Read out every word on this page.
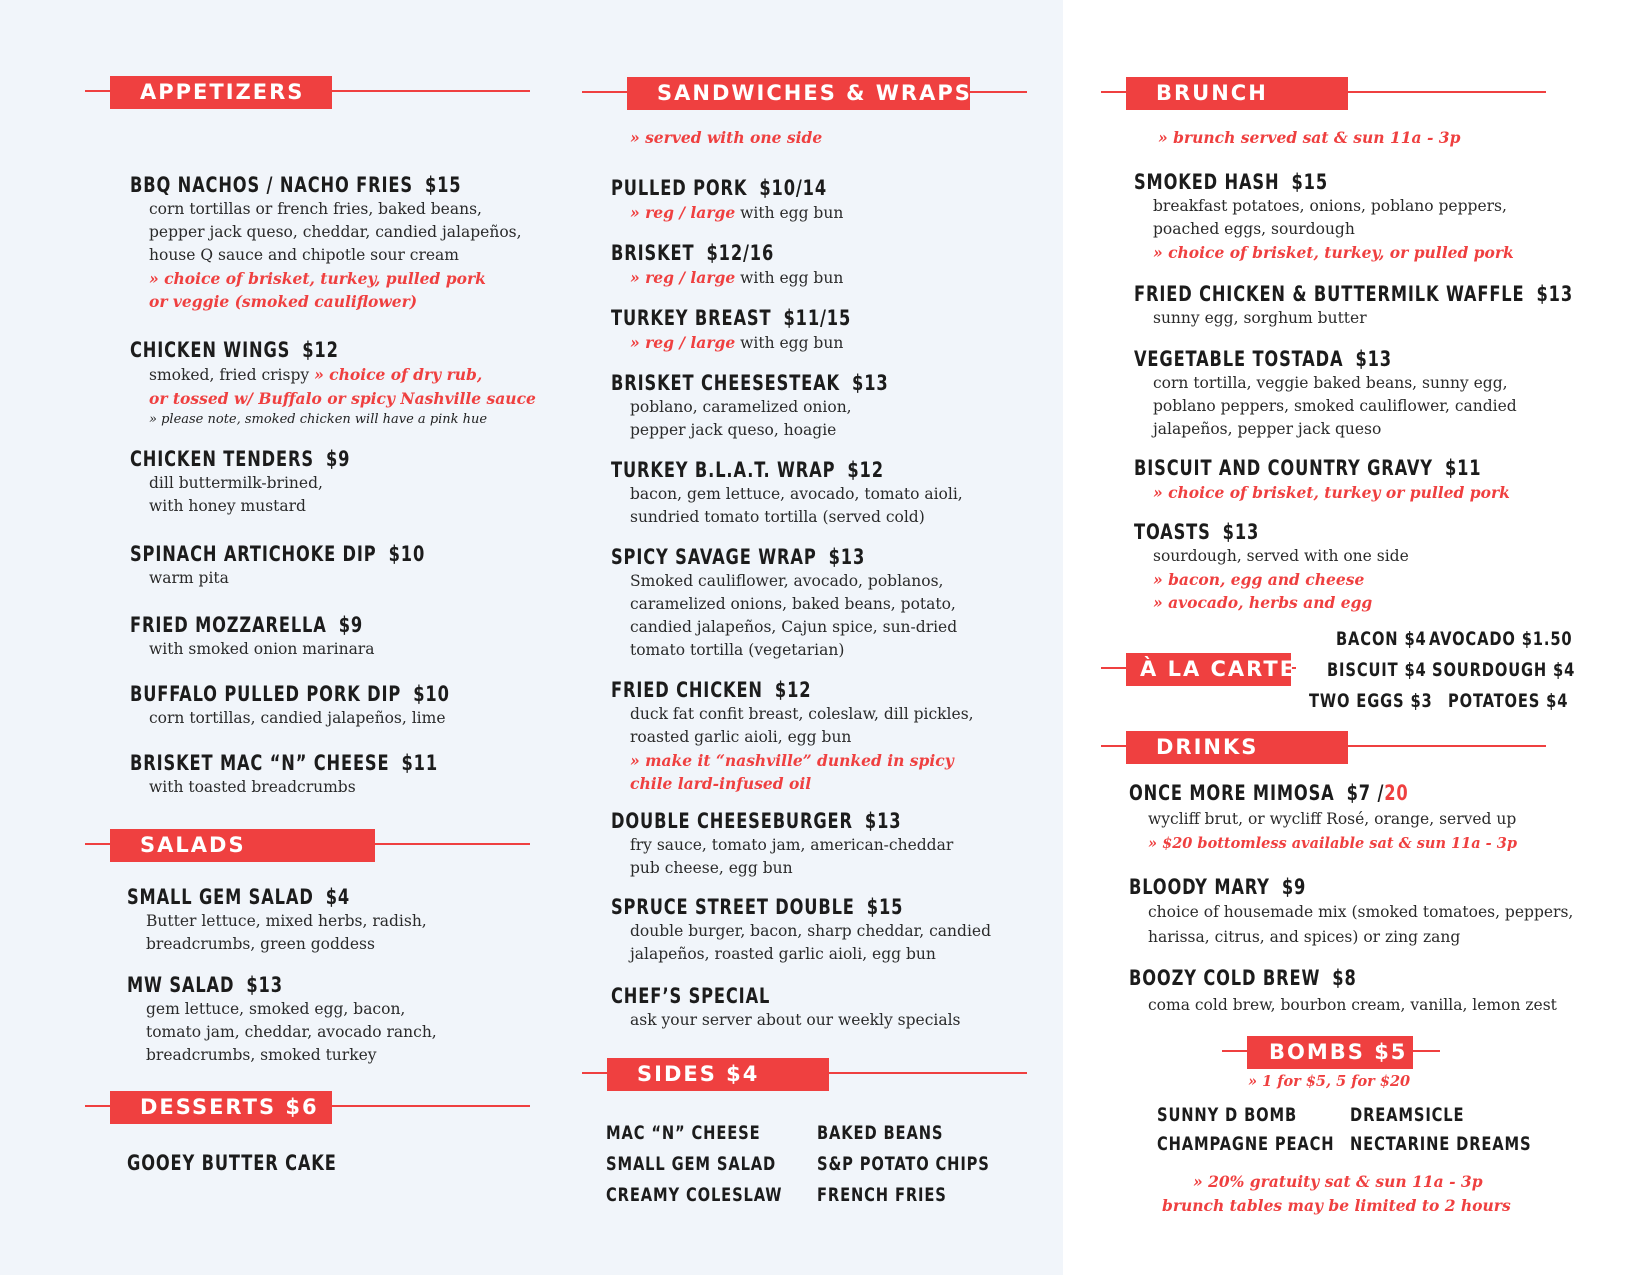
APPETIZERS
BBQ NACHOS / NACHO FRIES $15
corn tortillas or french fries, baked beans,
pepper jack queso, cheddar, candied jalapeños,
house Q sauce and chipotle sour cream
» choice of brisket, turkey, pulled pork
or veggie (smoked cauliflower)
CHICKEN WINGS $12
smoked, fried crispy » choice of dry rub,
or tossed w/ Buffalo or spicy Nashville sauce
» please note, smoked chicken will have a pink hue
CHICKEN TENDERS $9
dill buttermilk-brined,
with honey mustard
SPINACH ARTICHOKE DIP $10
warm pita
FRIED MOZZARELLA $9
with smoked onion marinara
BUFFALO PULLED PORK DIP $10
corn tortillas, candied jalapeños, lime
BRISKET MAC “N” CHEESE $11
with toasted breadcrumbs
SALADS
SMALL GEM SALAD $4
Butter lettuce, mixed herbs, radish,
breadcrumbs, green goddess
MW SALAD $13
gem lettuce, smoked egg, bacon,
tomato jam, cheddar, avocado ranch,
breadcrumbs, smoked turkey
DESSERTS $6
GOOEY BUTTER CAKE
SANDWICHES & WRAPS
» served with one side
PULLED PORK $10/14
» reg / large with egg bun
BRISKET $12/16
» reg / large with egg bun
TURKEY BREAST $11/15
» reg / large with egg bun
BRISKET CHEESESTEAK $13
poblano, caramelized onion,
pepper jack queso, hoagie
TURKEY B.L.A.T. WRAP $12
bacon, gem lettuce, avocado, tomato aioli,
sundried tomato tortilla (served cold)
SPICY SAVAGE WRAP $13
Smoked cauliflower, avocado, poblanos,
caramelized onions, baked beans, potato,
candied jalapeños, Cajun spice, sun-dried
tomato tortilla (vegetarian)
FRIED CHICKEN $12
duck fat confit breast, coleslaw, dill pickles,
roasted garlic aioli, egg bun
» make it “nashville” dunked in spicy
chile lard-infused oil
DOUBLE CHEESEBURGER $13
fry sauce, tomato jam, american-cheddar
pub cheese, egg bun
SPRUCE STREET DOUBLE $15
double burger, bacon, sharp cheddar, candied
jalapeños, roasted garlic aioli, egg bun
CHEF’S SPECIAL
ask your server about our weekly specials
SIDES $4
MAC “N” CHEESE
SMALL GEM SALAD
CREAMY COLESLAW
BAKED BEANS
S&P POTATO CHIPS
FRENCH FRIES
BRUNCH
» brunch served sat & sun 11a - 3p
SMOKED HASH $15
breakfast potatoes, onions, poblano peppers,
poached eggs, sourdough
» choice of brisket, turkey, or pulled pork
FRIED CHICKEN & BUTTERMILK WAFFLE $13
sunny egg, sorghum butter
VEGETABLE TOSTADA $13
corn tortilla, veggie baked beans, sunny egg,
poblano peppers, smoked cauliflower, candied
jalapeños, pepper jack queso
BISCUIT AND COUNTRY GRAVY $11
» choice of brisket, turkey or pulled pork
TOASTS $13
sourdough, served with one side
» bacon, egg and cheese
» avocado, herbs and egg
À LA CARTE
BACON $4 AVOCADO $1.50
BISCUIT $4 SOURDOUGH $4
TWO EGGS $3 POTATOES $4
DRINKS
ONCE MORE MIMOSA $7 /20
wycliff brut, or wycliff Rosé, orange, served up
» $20 bottomless available sat & sun 11a - 3p
BLOODY MARY $9
choice of housemade mix (smoked tomatoes, peppers,
harissa, citrus, and spices) or zing zang
BOOZY COLD BREW $8
coma cold brew, bourbon cream, vanilla, lemon zest
BOMBS $5
» 1 for $5, 5 for $20
SUNNY D BOMB
CHAMPAGNE PEACH
DREAMSICLE
NECTARINE DREAMS
» 20% gratuity sat & sun 11a - 3p
brunch tables may be limited to 2 hours
